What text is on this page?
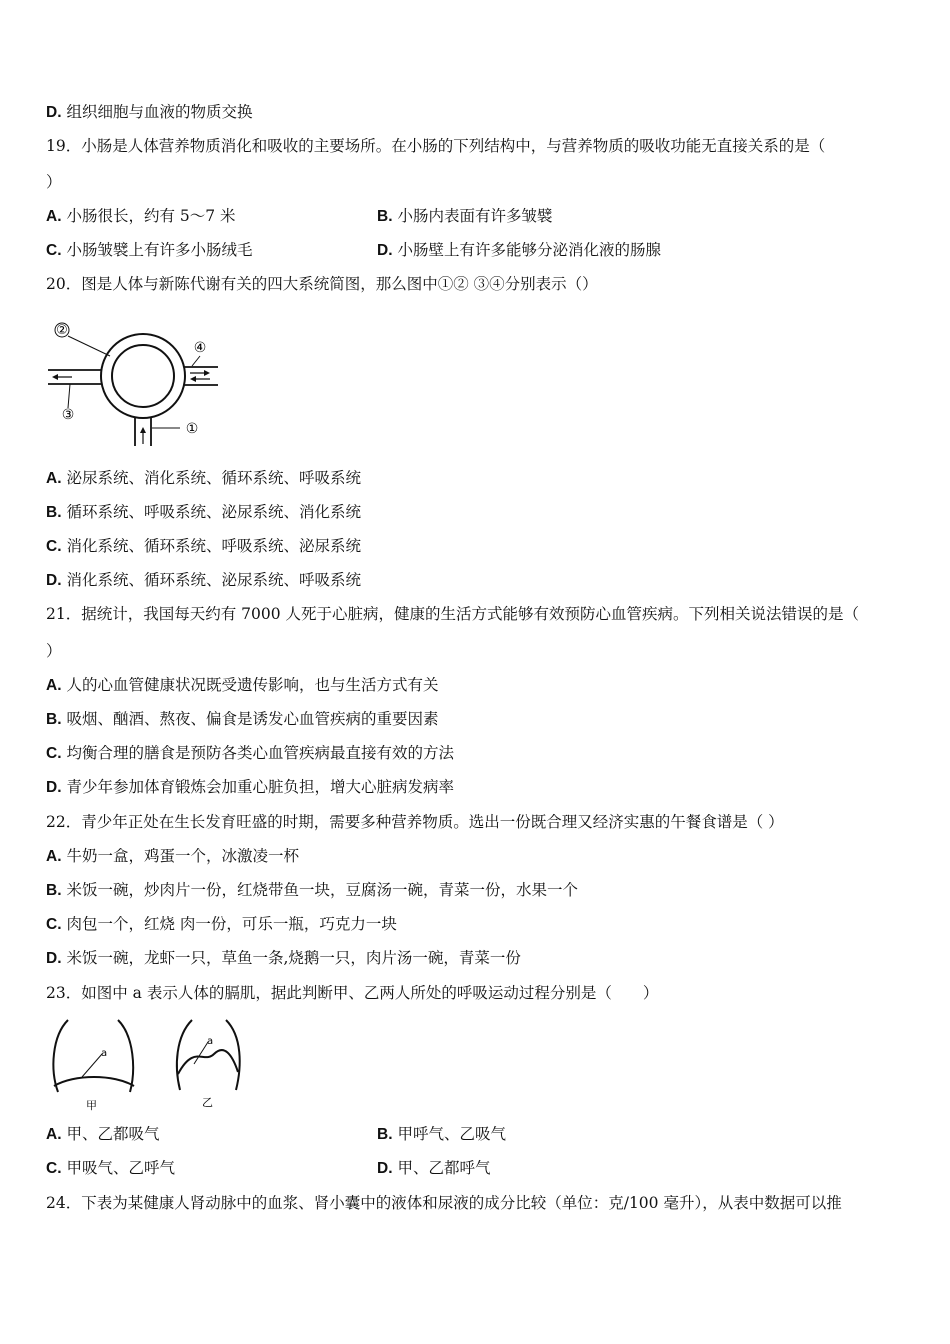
D. 组织细胞与血液的物质交换
19．小肠是人体营养物质消化和吸收的主要场所。在小肠的下列结构中，与营养物质的吸收功能无直接关系的是（
）
A. 小肠很长，约有 5～7 米	B. 小肠内表面有许多皱襞
C. 小肠皱襞上有许多小肠绒毛	D. 小肠壁上有许多能够分泌消化液的肠腺
20．图是人体与新陈代谢有关的四大系统简图，那么图中①② ③④分别表示（）
②
④
③
①
A. 泌尿系统、消化系统、循环系统、呼吸系统
B. 循环系统、呼吸系统、泌尿系统、消化系统
C. 消化系统、循环系统、呼吸系统、泌尿系统
D. 消化系统、循环系统、泌尿系统、呼吸系统
21．据统计，我国每天约有 7000 人死于心脏病，健康的生活方式能够有效预防心血管疾病。下列相关说法错误的是（
）
A. 人的心血管健康状况既受遗传影响，也与生活方式有关
B. 吸烟、酗酒、熬夜、偏食是诱发心血管疾病的重要因素
C. 均衡合理的膳食是预防各类心血管疾病最直接有效的方法
D. 青少年参加体育锻炼会加重心脏负担，增大心脏病发病率
22．青少年正处在生长发育旺盛的时期，需要多种营养物质。选出一份既合理又经济实惠的午餐食谱是（ ）
A. 牛奶一盒，鸡蛋一个，冰激凌一杯
B. 米饭一碗，炒肉片一份，红烧带鱼一块，豆腐汤一碗，青菜一份，水果一个
C. 肉包一个，红烧 肉一份，可乐一瓶，巧克力一块
D. 米饭一碗，龙虾一只，草鱼一条,烧鹅一只，肉片汤一碗，青菜一份
23．如图中 a 表示人体的膈肌，据此判断甲、乙两人所处的呼吸运动过程分别是（　　）
a
甲
a
乙
A. 甲、乙都吸气	B. 甲呼气、乙吸气
C. 甲吸气、乙呼气	D. 甲、乙都呼气
24．下表为某健康人肾动脉中的血浆、肾小囊中的液体和尿液的成分比较（单位：克/100 毫升），从表中数据可以推
